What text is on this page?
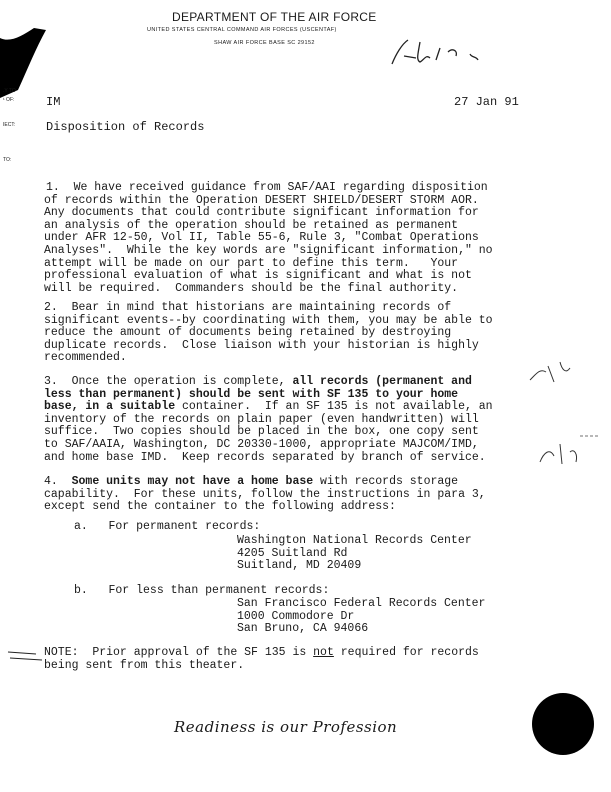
DEPARTMENT OF THE AIR FORCE
UNITED STATES CENTRAL COMMAND AIR FORCES (USCENTAF)
SHAW AIR FORCE BASE SC 29152
.Y TO
¹ OF:
IECT:
TO:
IM	27 Jan 91
Disposition of Records
1.  We have received guidance from SAF/AAI regarding disposition
of records within the Operation DESERT SHIELD/DESERT STORM AOR.
Any documents that could contribute significant information for
an analysis of the operation should be retained as permanent
under AFR 12-50, Vol II, Table 55-6, Rule 3, "Combat Operations
Analyses".  While the key words are "significant information," no
attempt will be made on our part to define this term.   Your
professional evaluation of what is significant and what is not
will be required.  Commanders should be the final authority.
2.  Bear in mind that historians are maintaining records of
significant events--by coordinating with them, you may be able to
reduce the amount of documents being retained by destroying
duplicate records.  Close liaison with your historian is highly
recommended.
3.  Once the operation is complete, all records (permanent and
less than permanent) should be sent with SF 135 to your home
base, in a suitable container.  If an SF 135 is not available, an
inventory of the records on plain paper (even handwritten) will
suffice.  Two copies should be placed in the box, one copy sent
to SAF/AAIA, Washington, DC 20330-1000, appropriate MAJCOM/IMD,
and home base IMD.  Keep records separated by branch of service.
4.  Some units may not have a home base with records storage
capability.  For these units, follow the instructions in para 3,
except send the container to the following address:
a.   For permanent records:
Washington National Records Center
4205 Suitland Rd
Suitland, MD 20409
b.   For less than permanent records:
San Francisco Federal Records Center
1000 Commodore Dr
San Bruno, CA 94066
NOTE:  Prior approval of the SF 135 is not required for records
being sent from this theater.
Readiness is our Profession
